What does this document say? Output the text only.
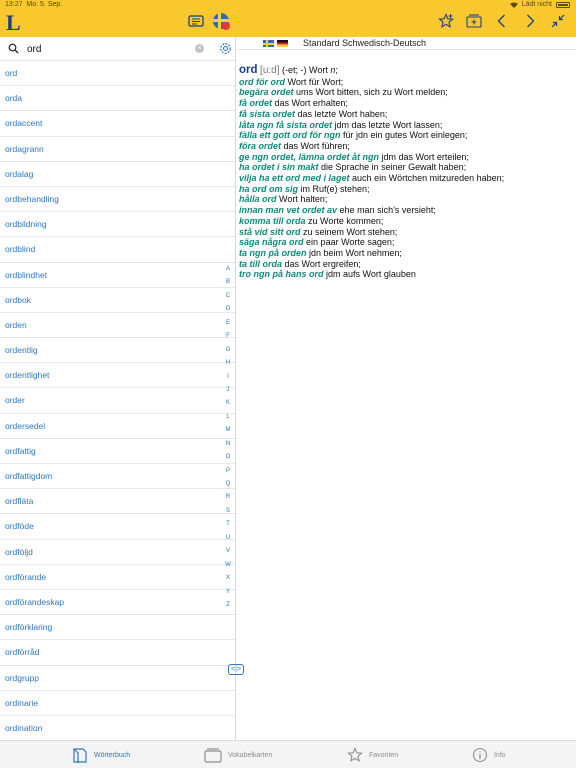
13:27 Mo. 5. Sep.	Lädt nicht
L
ord
×
ord
orda
ordaccent
ordagrann
ordalag
ordbehandling
ordbildning
ordblind
ordblindhet
ordbok
orden
ordentlig
ordentlighet
order
ordersedel
ordfattig
ordfattigdom
ordfläta
ordföde
ordföljd
ordförande
ordförandeskap
ordförklaring
ordförråd
ordgrupp
ordinarie
ordination
A
B
C
D
E
F
G
H
I
J
K
L
M
N
O
P
Q
R
S
T
U
V
W
X
Y
Z
<|>
Standard Schwedisch-Deutsch
ord [u:d] (-et; -) Wort n;
ord för ord Wort für Wort;
begära ordet ums Wort bitten, sich zu Wort melden;
få ordet das Wort erhalten;
få sista ordet das letzte Wort haben;
låta ngn få sista ordet jdm das letzte Wort lassen;
fälla ett gott ord för ngn für jdn ein gutes Wort einlegen;
föra ordet das Wort führen;
ge ngn ordet, lämna ordet åt ngn jdm das Wort erteilen;
ha ordet i sin makt die Sprache in seiner Gewalt haben;
vilja ha ett ord med i laget auch ein Wörtchen mitzureden haben;
ha ord om sig im Ruf(e) stehen;
hålla ord Wort halten;
innan man vet ordet av ehe man sich’s versieht;
komma till orda zu Worte kommen;
stå vid sitt ord zu seinem Wort stehen;
säga några ord ein paar Worte sagen;
ta ngn på orden jdn beim Wort nehmen;
ta till orda das Wort ergreifen;
tro ngn på hans ord jdm aufs Wort glauben
Wörterbuch	Vokabelkarten	Favoriten	Info
